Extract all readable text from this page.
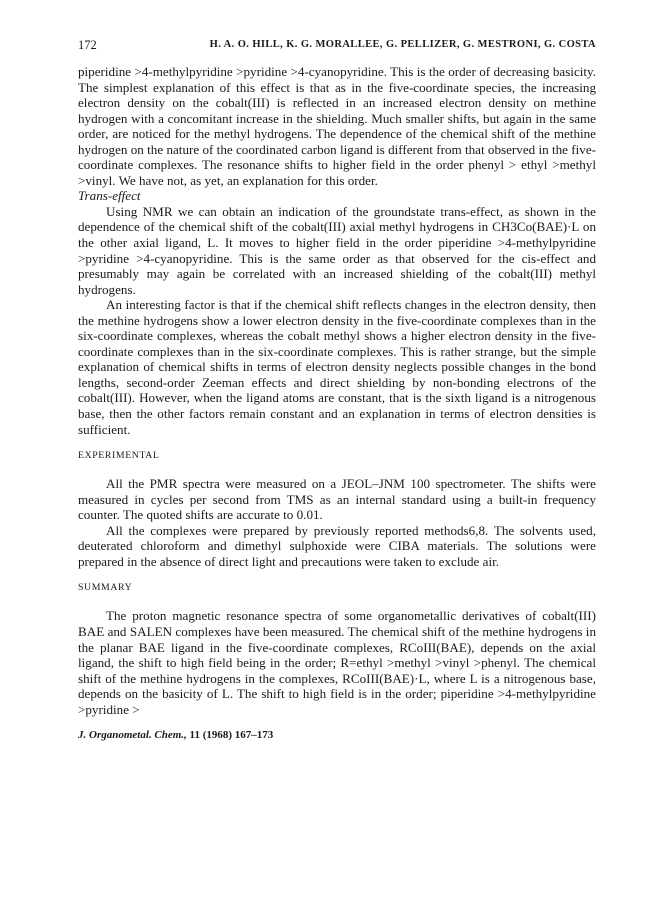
172	H. A. O. HILL, K. G. MORALLEE, G. PELLIZER, G. MESTRONI, G. COSTA

piperidine >4-methylpyridine >pyridine >4-cyanopyridine. This is the order of decreasing basicity. The simplest explanation of this effect is that as in the five-coordinate species, the increasing electron density on the cobalt(III) is reflected in an increased electron density on methine hydrogen with a concomitant increase in the shielding. Much smaller shifts, but again in the same order, are noticed for the methyl hydrogens. The dependence of the chemical shift of the methine hydrogen on the nature of the coordinated carbon ligand is different from that observed in the five-coordinate complexes. The resonance shifts to higher field in the order phenyl > ethyl >methyl >vinyl. We have not, as yet, an explanation for this order.

Trans-effect

Using NMR we can obtain an indication of the groundstate trans-effect, as shown in the dependence of the chemical shift of the cobalt(III) axial methyl hydrogens in CH3Co(BAE)·L on the other axial ligand, L. It moves to higher field in the order piperidine >4-methylpyridine >pyridine >4-cyanopyridine. This is the same order as that observed for the cis-effect and presumably may again be correlated with an increased shielding of the cobalt(III) methyl hydrogens.

An interesting factor is that if the chemical shift reflects changes in the electron density, then the methine hydrogens show a lower electron density in the five-coordinate complexes than in the six-coordinate complexes, whereas the cobalt methyl shows a higher electron density in the five-coordinate complexes than in the six-coordinate complexes. This is rather strange, but the simple explanation of chemical shifts in terms of electron density neglects possible changes in the bond lengths, second-order Zeeman effects and direct shielding by non-bonding electrons of the cobalt(III). However, when the ligand atoms are constant, that is the sixth ligand is a nitrogenous base, then the other factors remain constant and an explanation in terms of electron densities is sufficient.

EXPERIMENTAL

All the PMR spectra were measured on a JEOL–JNM 100 spectrometer. The shifts were measured in cycles per second from TMS as an internal standard using a built-in frequency counter. The quoted shifts are accurate to 0.01.

All the complexes were prepared by previously reported methods6,8. The solvents used, deuterated chloroform and dimethyl sulphoxide were CIBA materials. The solutions were prepared in the absence of direct light and precautions were taken to exclude air.

SUMMARY

The proton magnetic resonance spectra of some organometallic derivatives of cobalt(III) BAE and SALEN complexes have been measured. The chemical shift of the methine hydrogens in the planar BAE ligand in the five-coordinate complexes, RCoIII(BAE), depends on the axial ligand, the shift to high field being in the order; R=ethyl >methyl >vinyl >phenyl. The chemical shift of the methine hydrogens in the complexes, RCoIII(BAE)·L, where L is a nitrogenous base, depends on the basicity of L. The shift to high field is in the order; piperidine >4-methylpyridine >pyridine >

J. Organometal. Chem., 11 (1968) 167–173
